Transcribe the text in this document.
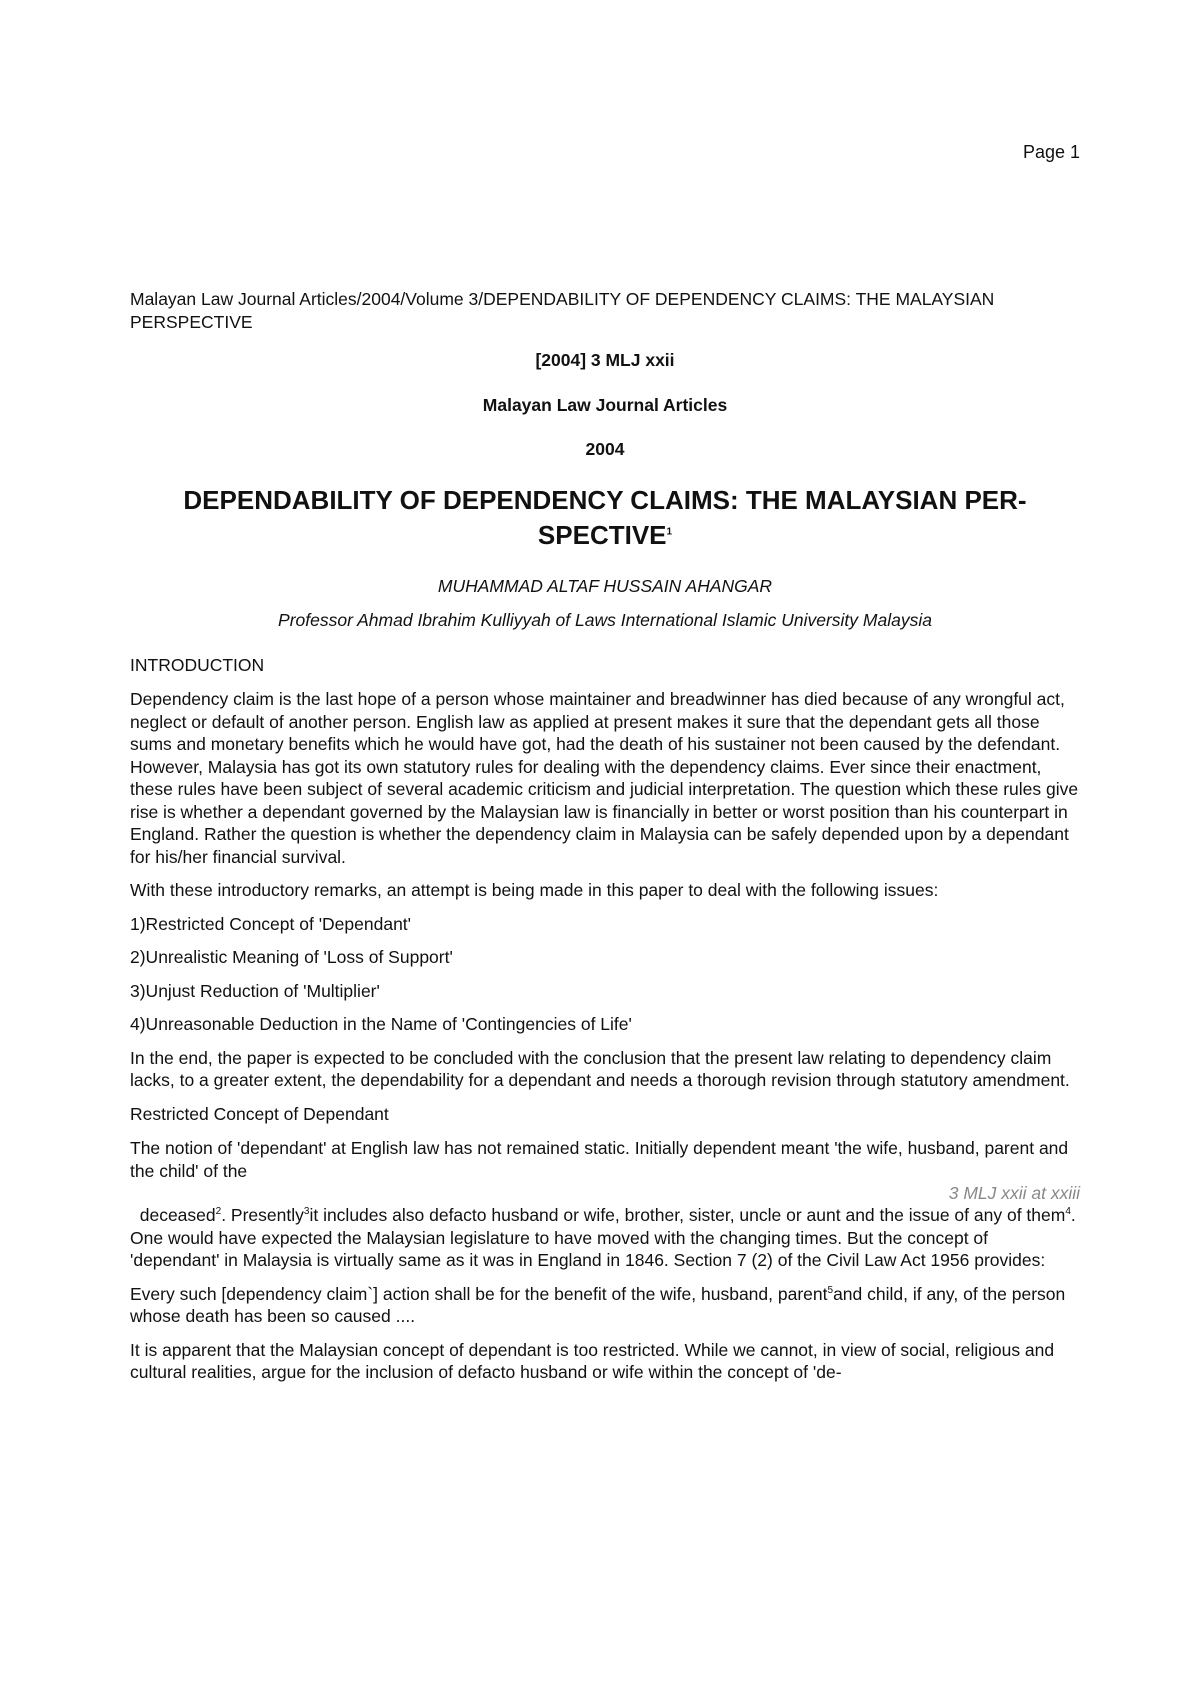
Page 1
Malayan Law Journal Articles/2004/Volume 3/DEPENDABILITY OF DEPENDENCY CLAIMS: THE MALAYSIAN PERSPECTIVE
[2004] 3 MLJ xxii
Malayan Law Journal Articles
2004
DEPENDABILITY OF DEPENDENCY CLAIMS: THE MALAYSIAN PER-SPECTIVE$^1$
MUHAMMAD ALTAF HUSSAIN AHANGAR
Professor Ahmad Ibrahim Kulliyyah of Laws International Islamic University Malaysia
INTRODUCTION

Dependency claim is the last hope of a person whose maintainer and breadwinner has died because of any wrongful act, neglect or default of another person. English law as applied at present makes it sure that the dependant gets all those sums and monetary benefits which he would have got, had the death of his sustainer not been caused by the defendant. However, Malaysia has got its own statutory rules for dealing with the dependency claims. Ever since their enactment, these rules have been subject of several academic criticism and judicial interpretation. The question which these rules give rise is whether a dependant governed by the Malaysian law is financially in better or worst position than his counterpart in England. Rather the question is whether the dependency claim in Malaysia can be safely depended upon by a dependant for his/her financial survival.

With these introductory remarks, an attempt is being made in this paper to deal with the following issues:

1)Restricted Concept of 'Dependant'
2)Unrealistic Meaning of 'Loss of Support'
3)Unjust Reduction of 'Multiplier'
4)Unreasonable Deduction in the Name of 'Contingencies of Life'

In the end, the paper is expected to be concluded with the conclusion that the present law relating to dependency claim lacks, to a greater extent, the dependability for a dependant and needs a thorough revision through statutory amendment.

Restricted Concept of Dependant

The notion of 'dependant' at English law has not remained static. Initially dependent meant 'the wife, husband, parent and the child' of the

3 MLJ xxii at xxiii

deceased$^2$. Presently$^3$it includes also defacto husband or wife, brother, sister, uncle or aunt and the issue of any of them$^4$. One would have expected the Malaysian legislature to have moved with the changing times. But the concept of 'dependant' in Malaysia is virtually same as it was in England in 1846. Section 7 (2) of the Civil Law Act 1956 provides:

Every such [dependency claim`] action shall be for the benefit of the wife, husband, parent$^5$and child, if any, of the person whose death has been so caused ....

It is apparent that the Malaysian concept of dependant is too restricted. While we cannot, in view of social, religious and cultural realities, argue for the inclusion of defacto husband or wife within the concept of 'de-
